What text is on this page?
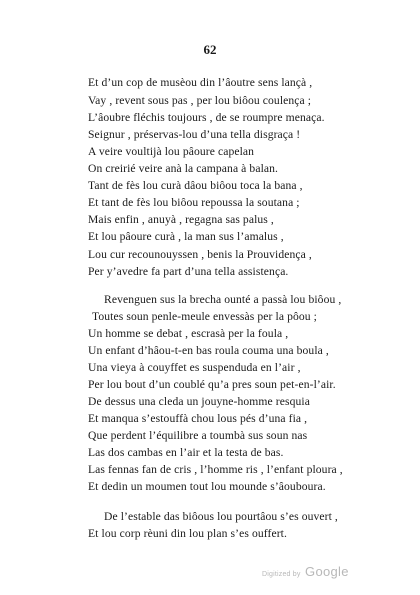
62
Et d’un cop de musèou din l’âoutre sens lançà ,
Vay , revent sous pas , per lou biôou coulença ;
L’âoubre fléchis toujours , de se roumpre menaça.
Seignur , préservas-lou d’una tella disgraça !
A veire voultijà lou pâoure capelan
On creirié veire anà la campana à balan.
Tant de fès lou curà dâou biôou toca la bana ,
Et tant de fès lou biôou repoussa la soutana ;
Mais enfin , anuyà , regagna sas palus ,
Et lou pâoure curà , la man sus l’amalus ,
Lou cur recounouyssen , benis la Prouvidença ,
Per y’avedre fa part d’una tella assistença.
Revenguen sus la brecha ounté a passà lou biôou ,
Toutes soun penle-meule envessàs per la pôou ;
Un homme se debat , escrasà per la foula ,
Un enfant d’hâou-t-en bas roula couma una boula ,
Una vieya à couyffet es suspenduda en l’air ,
Per lou bout d’un coublé qu’a pres soun pet-en-l’air.
De dessus una cleda un jouyne-homme resquia
Et manqua s’estouffà chou lous pés d’una fia ,
Que perdent l’équilibre a toumbà sus soun nas
Las dos cambas en l’air et la testa de bas.
Las fennas fan de cris , l’homme ris , l’enfant ploura ,
Et dedin un moumen tout lou mounde s’âouboura.
De l’estable das biôous lou pourtâou s’es ouvert ,
Et lou corp rèuni din lou plan s’es ouffert.
Digitized by Google
